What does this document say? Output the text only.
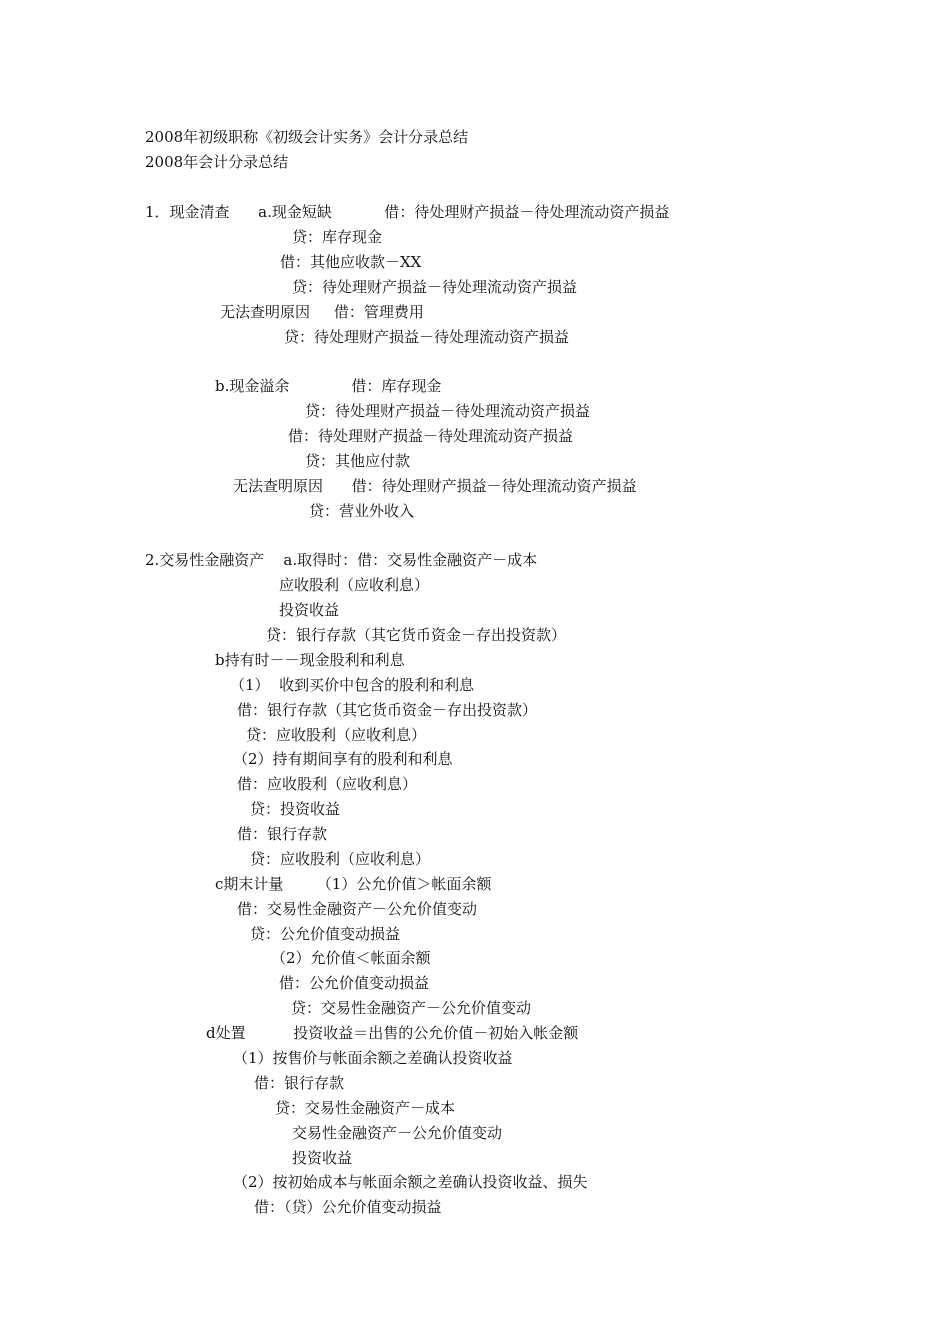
2008年初级职称《初级会计实务》会计分录总结
2008年会计分录总结
1．现金清查      a.现金短缺           借：待处理财产损益－待处理流动资产损益
贷：库存现金
借：其他应收款－XX
贷：待处理财产损益－待处理流动资产损益
无法查明原因     借：管理费用
贷：待处理财产损益－待处理流动资产损益
b.现金溢余             借：库存现金
贷：待处理财产损益－待处理流动资产损益
借：待处理财产损益－待处理流动资产损益
贷：其他应付款
无法查明原因      借：待处理财产损益－待处理流动资产损益
贷：营业外收入
2.交易性金融资产    a.取得时：借：交易性金融资产－成本
应收股利（应收利息）
投资收益
贷：银行存款（其它货币资金－存出投资款）
b持有时－－现金股利和利息
（1）  收到买价中包含的股利和利息
借：银行存款（其它货币资金－存出投资款）
贷：应收股利（应收利息）
（2）持有期间享有的股利和利息
借：应收股利（应收利息）
贷：投资收益
借：银行存款
贷：应收股利（应收利息）
c期末计量       （1）公允价值＞帐面余额
借：交易性金融资产－公允价值变动
贷：公允价值变动损益
（2）允价值＜帐面余额
借：公允价值变动损益
贷：交易性金融资产－公允价值变动
d处置          投资收益＝出售的公允价值－初始入帐金额
（1）按售价与帐面余额之差确认投资收益
借：银行存款
贷：交易性金融资产－成本
交易性金融资产－公允价值变动
投资收益
（2）按初始成本与帐面余额之差确认投资收益、损失
借：（贷）公允价值变动损益
